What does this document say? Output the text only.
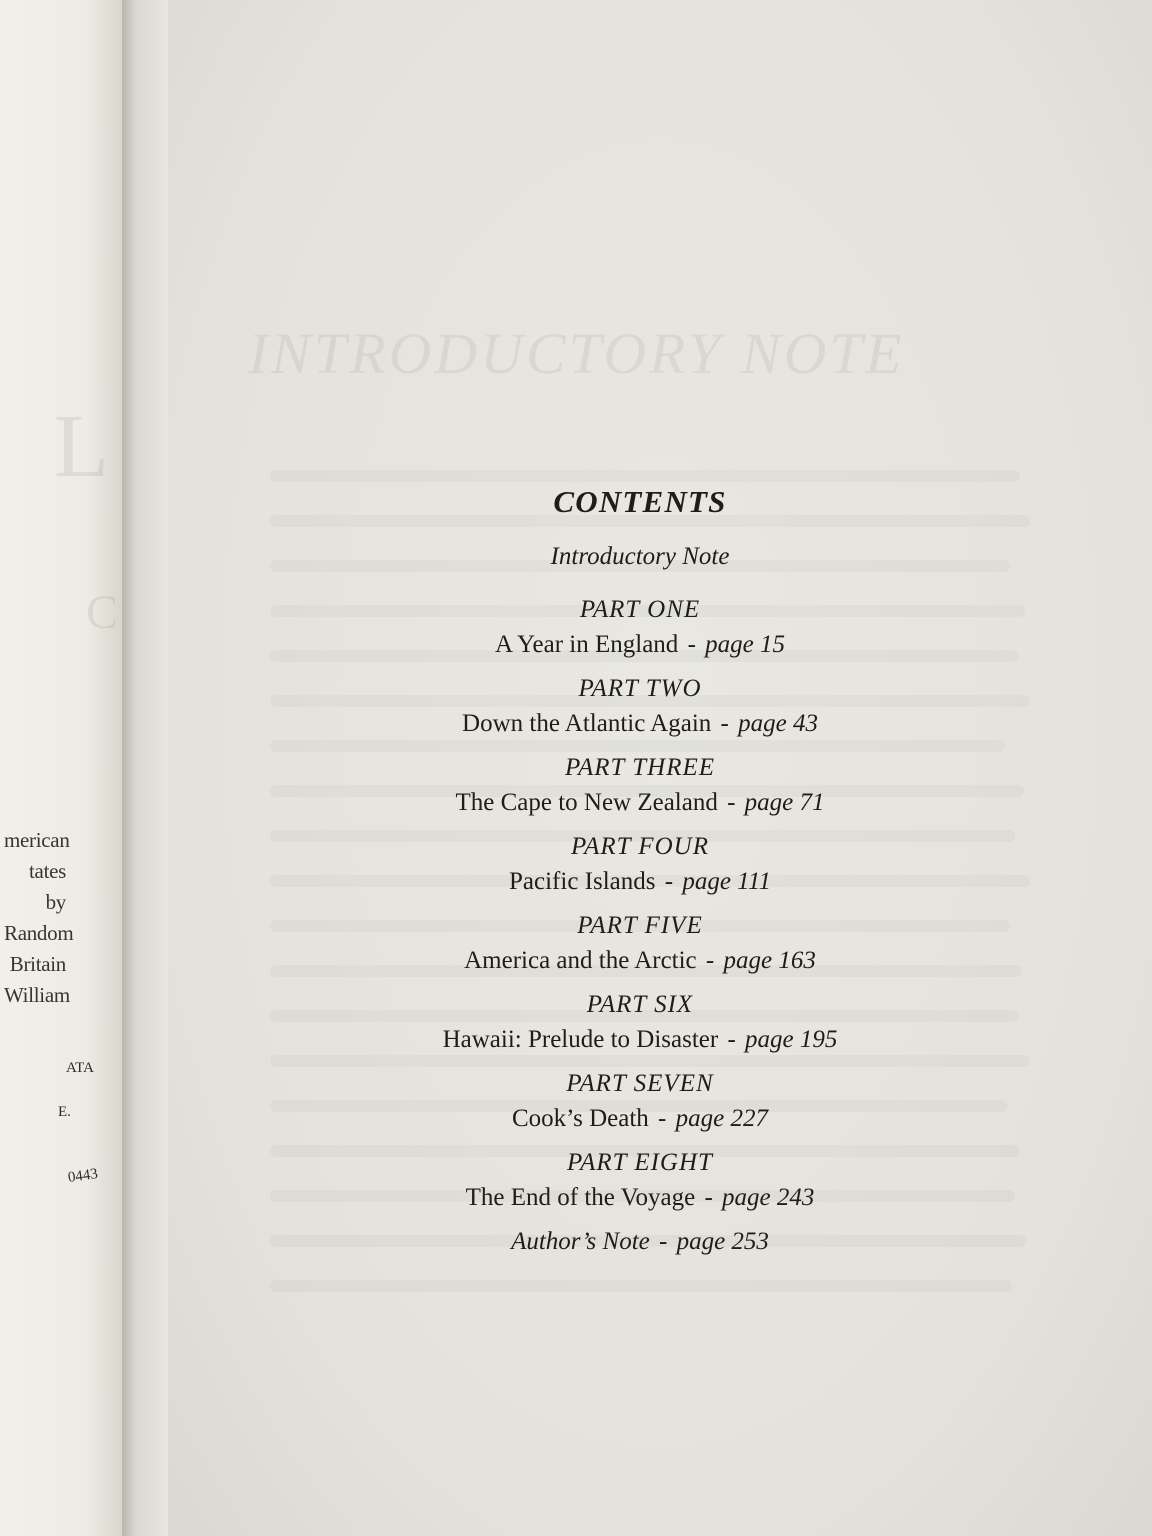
L
C
merican
tates by
Random
Britain
William
ATA
E.
0443
INTRODUCTORY NOTE
CONTENTS
Introductory Note
PART ONE
A Year in England - page 15
PART TWO
Down the Atlantic Again - page 43
PART THREE
The Cape to New Zealand - page 71
PART FOUR
Pacific Islands - page 111
PART FIVE
America and the Arctic - page 163
PART SIX
Hawaii: Prelude to Disaster - page 195
PART SEVEN
Cook’s Death - page 227
PART EIGHT
The End of the Voyage - page 243
Author’s Note - page 253
